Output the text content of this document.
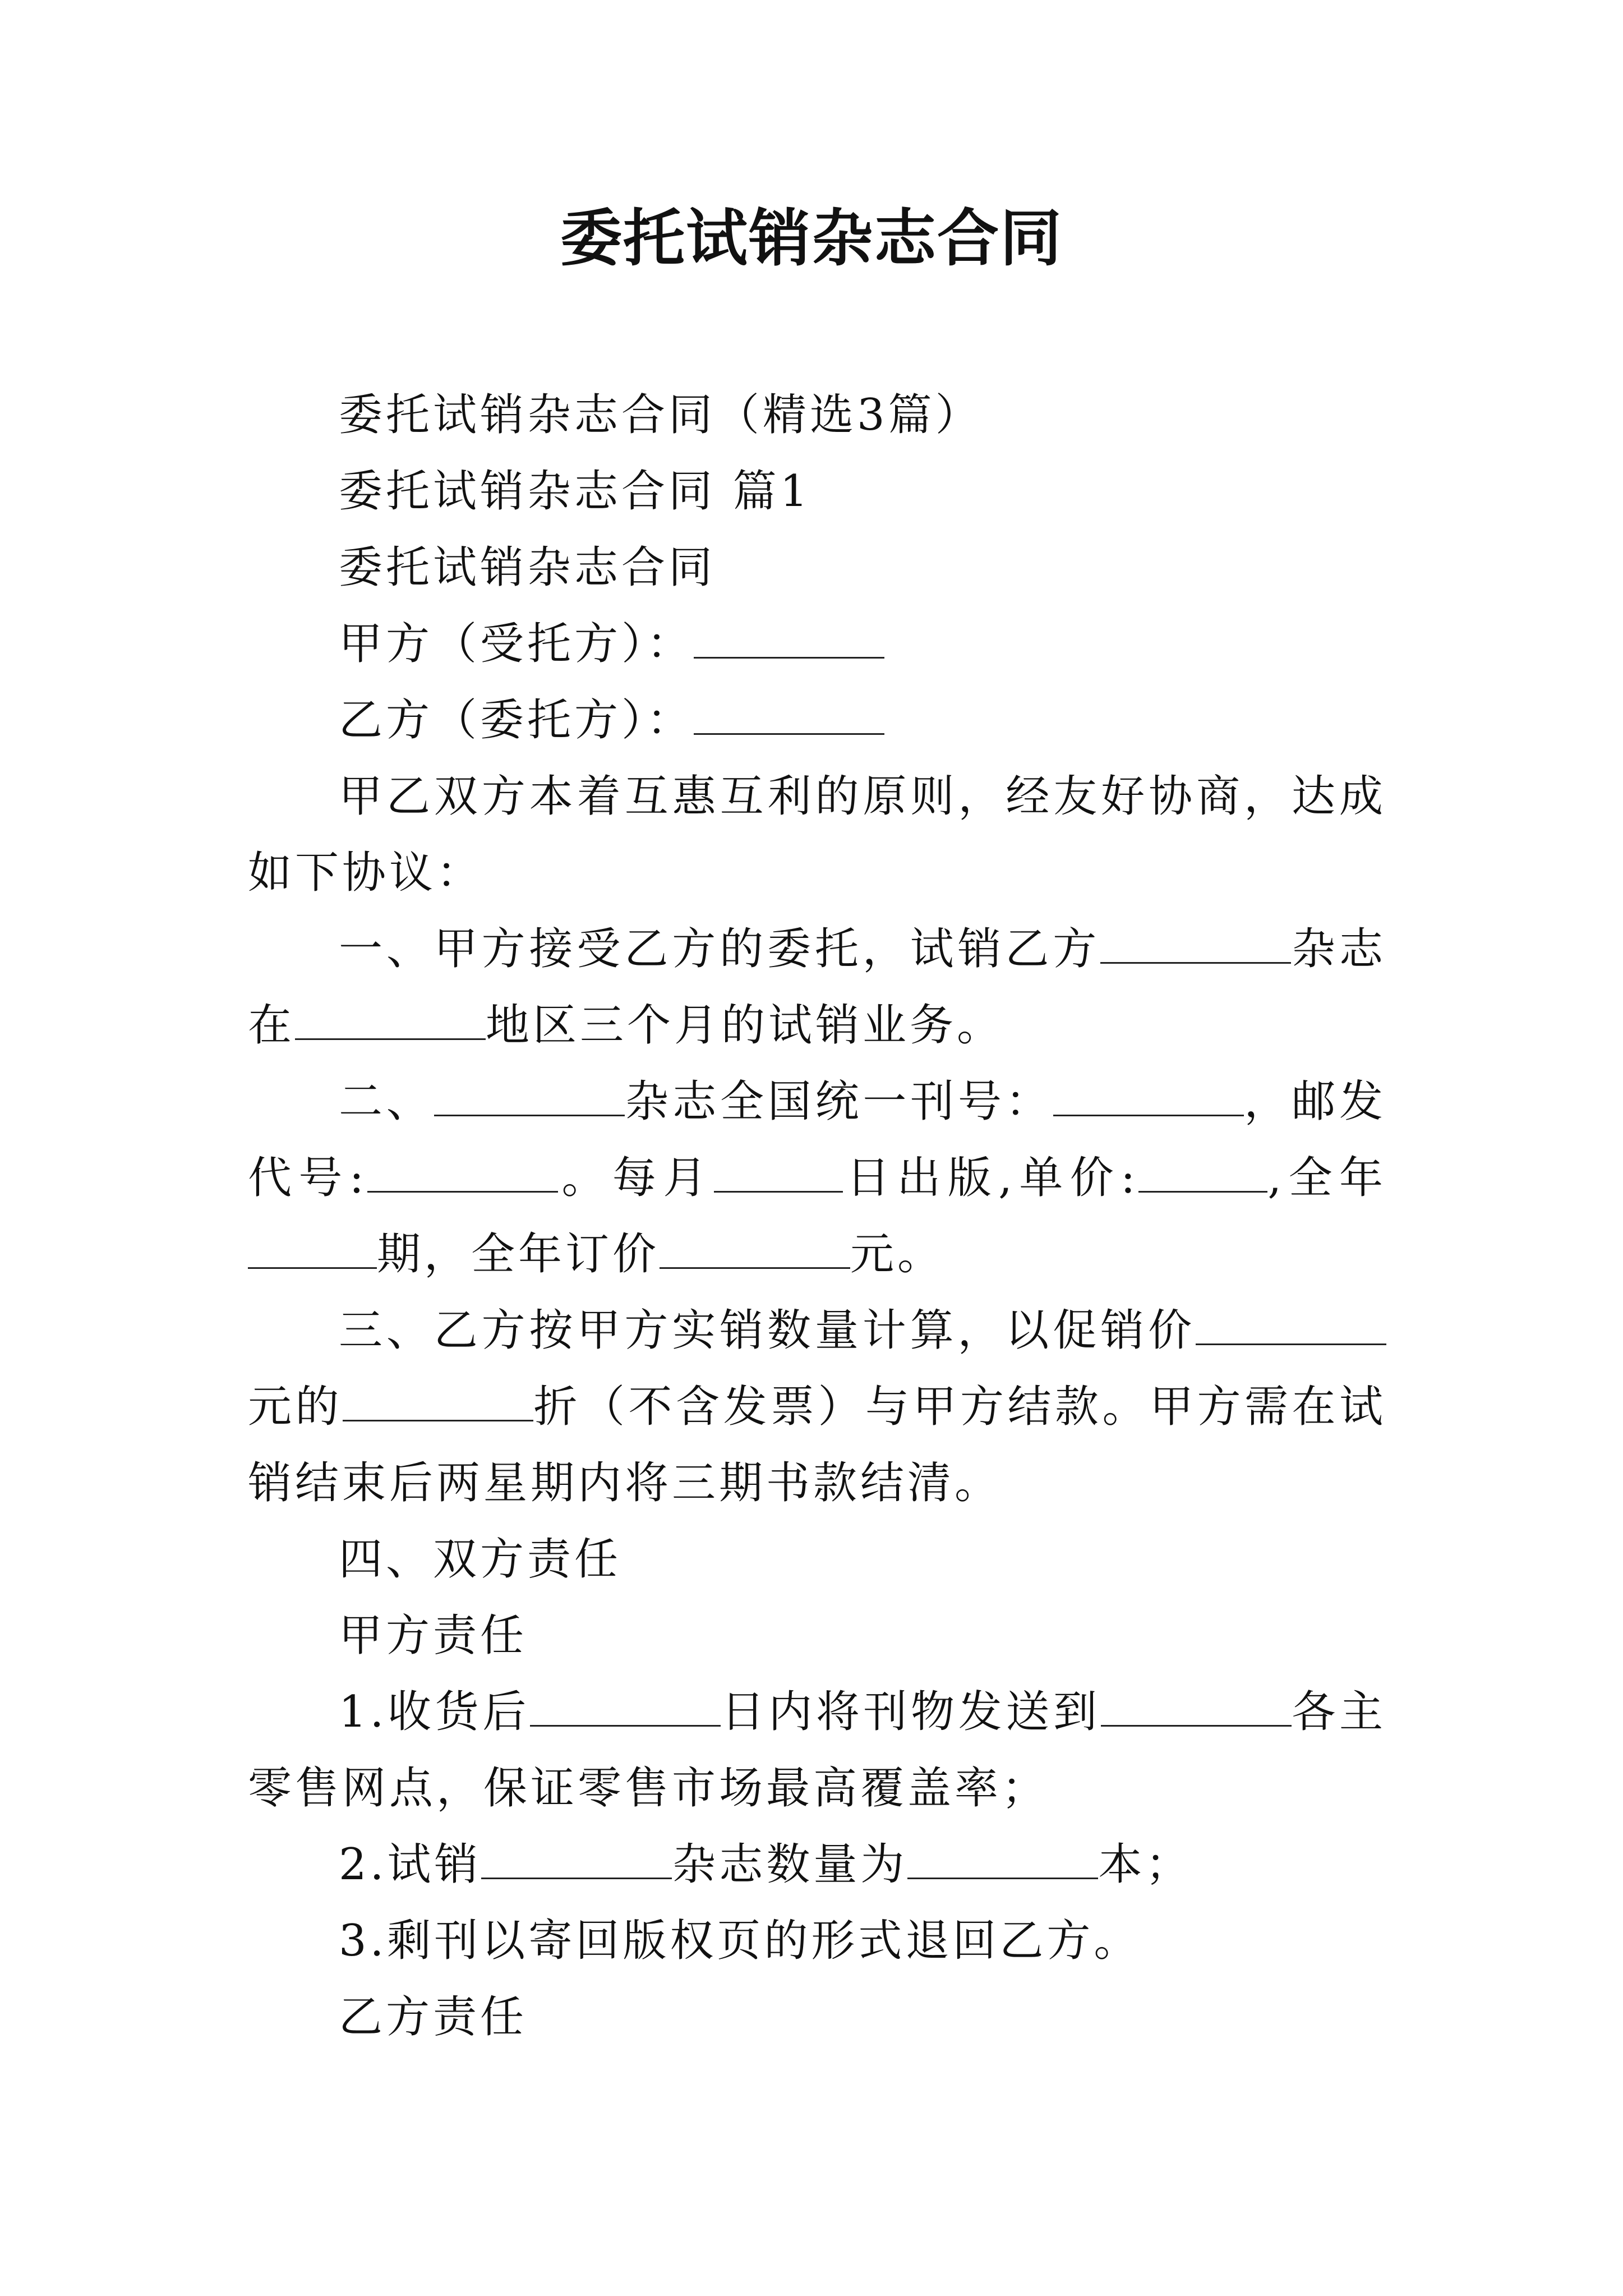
委托试销杂志合同

委托试销杂志合同（精选3篇）

委托试销杂志合同 篇1

委托试销杂志合同

甲方（受托方）：

乙方（委托方）：

甲乙双方本着互惠互利的原则，经友好协商，达成如下协议：

一、甲方接受乙方的委托，试销乙方	杂志在	地区三个月的试销业务。

二、	杂志全国统一刊号：	，邮发代号:	。每月	日出版,单价:	,全年期，全年订价	元。

三、乙方按甲方实销数量计算，以促销价元的	折（不含发票）与甲方结款。甲方需在试销结束后两星期内将三期书款结清。

四、双方责任

甲方责任

1.收货后	日内将刊物发送到	各主零售网点，保证零售市场最高覆盖率；

2.试销	杂志数量为	本；

3.剩刊以寄回版权页的形式退回乙方。

乙方责任
